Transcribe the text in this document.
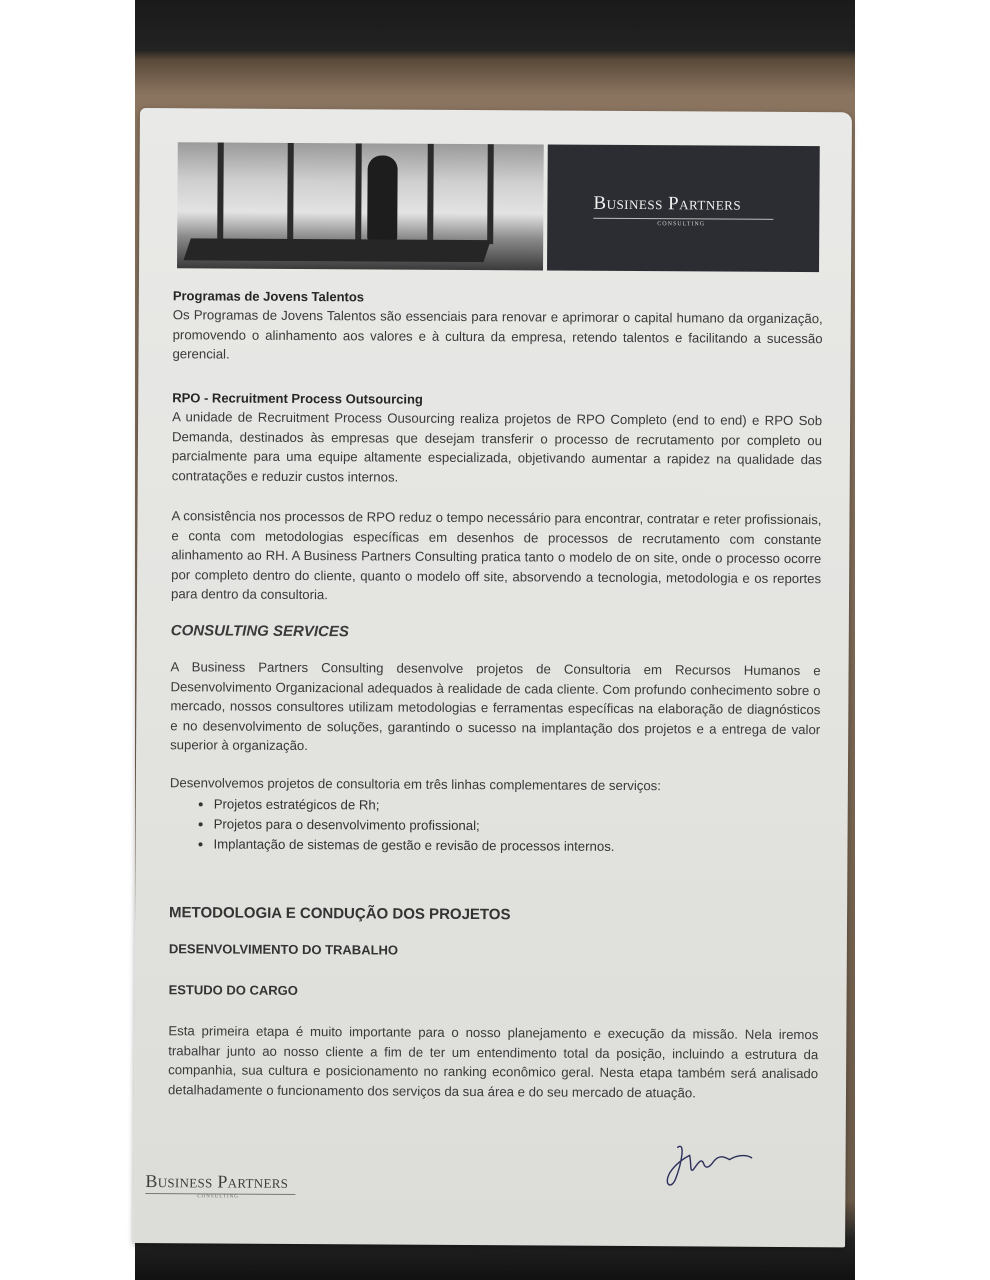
Business Partners
CONSULTING
Programas de Jovens Talentos

Os Programas de Jovens Talentos são essenciais para renovar e aprimorar o capital humano da organização, promovendo o alinhamento aos valores e à cultura da empresa, retendo talentos e facilitando a sucessão gerencial.

RPO - Recruitment Process Outsourcing

A unidade de Recruitment Process Ousourcing realiza projetos de RPO Completo (end to end) e RPO Sob Demanda, destinados às empresas que desejam transferir o processo de recrutamento por completo ou parcialmente para uma equipe altamente especializada, objetivando aumentar a rapidez na qualidade das contratações e reduzir custos internos.

A consistência nos processos de RPO reduz o tempo necessário para encontrar, contratar e reter profissionais, e conta com metodologias específicas em desenhos de processos de recrutamento com constante alinhamento ao RH. A Business Partners Consulting pratica tanto o modelo de on site, onde o processo ocorre por completo dentro do cliente, quanto o modelo off site, absorvendo a tecnologia, metodologia e os reportes para dentro da consultoria.

CONSULTING SERVICES

A Business Partners Consulting desenvolve projetos de Consultoria em Recursos Humanos e Desenvolvimento Organizacional adequados à realidade de cada cliente. Com profundo conhecimento sobre o mercado, nossos consultores utilizam metodologias e ferramentas específicas na elaboração de diagnósticos e no desenvolvimento de soluções, garantindo o sucesso na implantação dos projetos e a entrega de valor superior à organização.

Desenvolvemos projetos de consultoria em três linhas complementares de serviços:

• Projetos estratégicos de Rh;
• Projetos para o desenvolvimento profissional;
• Implantação de sistemas de gestão e revisão de processos internos.
METODOLOGIA E CONDUÇÃO DOS PROJETOS
DESENVOLVIMENTO DO TRABALHO
ESTUDO DO CARGO

Esta primeira etapa é muito importante para o nosso planejamento e execução da missão. Nela iremos trabalhar junto ao nosso cliente a fim de ter um entendimento total da posição, incluindo a estrutura da companhia, sua cultura e posicionamento no ranking econômico geral. Nesta etapa também será analisado detalhadamente o funcionamento dos serviços da sua área e do seu mercado de atuação.

Business Partners
CONSULTING
